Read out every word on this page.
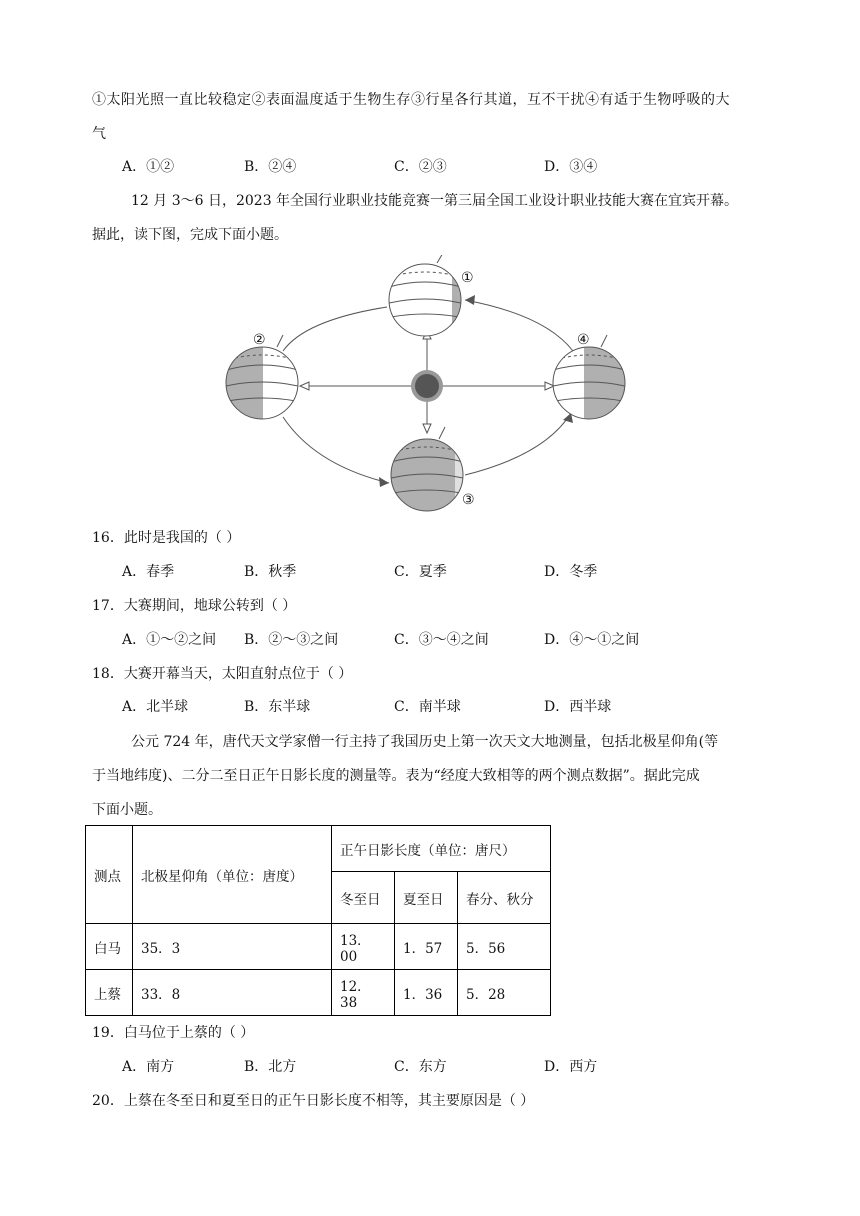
①太阳光照一直比较稳定②表面温度适于生物生存③行星各行其道，互不干扰④有适于生物呼吸的大
气
A．①②	B．②④	C．②③	D．③④
12 月 3～6 日，2023 年全国行业职业技能竞赛一第三届全国工业设计职业技能大赛在宜宾开幕。
据此，读下图，完成下面小题。
①
②
③
④
16．此时是我国的（ ）
A．春季	B．秋季	C．夏季	D．冬季
17．大赛期间，地球公转到（ ）
A．①～②之间 B．②～③之间	C．③～④之间	D．④～①之间
18．大赛开幕当天，太阳直射点位于（ ）
A．北半球	B．东半球	C．南半球	D．西半球
公元 724 年，唐代天文学家僧一行主持了我国历史上第一次天文大地测量，包括北极星仰角(等
于当地纬度)、二分二至日正午日影长度的测量等。表为“经度大致相等的两个测点数据”。据此完成
下面小题。
测点	北极星仰角（单位：唐度）	正午日影长度（单位：唐尺）		
		冬至日	夏至日	春分、秋分
白马	35．3	13．00	1．57	5．56
上蔡	33．8	12．38	1．36	5．28
19．白马位于上蔡的（ ）
A．南方	B．北方	C．东方	D．西方
20．上蔡在冬至日和夏至日的正午日影长度不相等，其主要原因是（ ）
